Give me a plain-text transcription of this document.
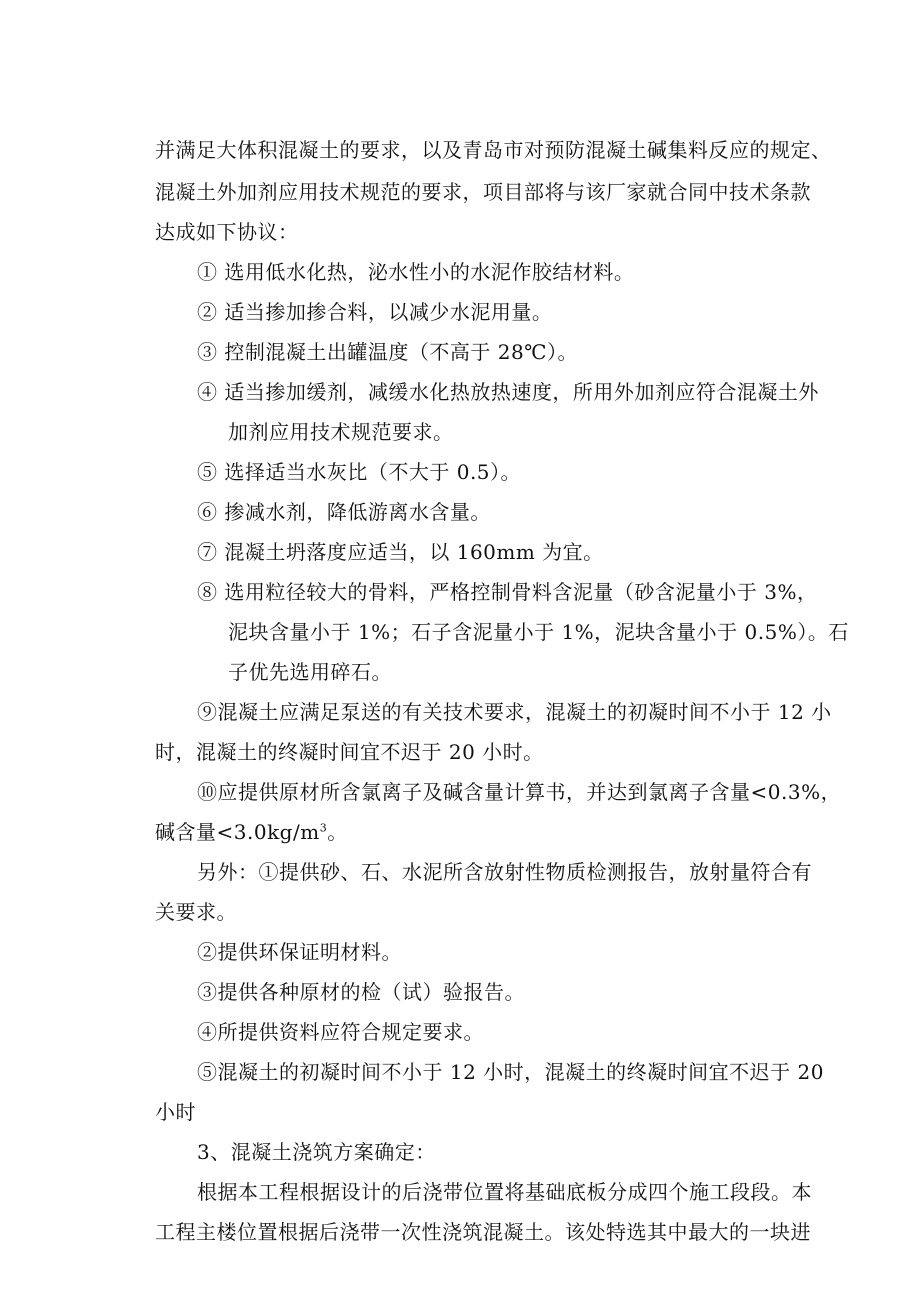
并满足大体积混凝土的要求，以及青岛市对预防混凝土碱集料反应的规定、
混凝土外加剂应用技术规范的要求，项目部将与该厂家就合同中技术条款
达成如下协议：
① 选用低水化热，泌水性小的水泥作胶结材料。
② 适当掺加掺合料，以减少水泥用量。
③ 控制混凝土出罐温度（不高于 28℃）。
④ 适当掺加缓剂，减缓水化热放热速度，所用外加剂应符合混凝土外
加剂应用技术规范要求。
⑤ 选择适当水灰比（不大于 0.5）。
⑥ 掺减水剂，降低游离水含量。
⑦ 混凝土坍落度应适当，以 160mm 为宜。
⑧ 选用粒径较大的骨料，严格控制骨料含泥量（砂含泥量小于 3%，
泥块含量小于 1%；石子含泥量小于 1%，泥块含量小于 0.5%）。石
子优先选用碎石。
⑨混凝土应满足泵送的有关技术要求，混凝土的初凝时间不小于 12 小
时，混凝土的终凝时间宜不迟于 20 小时。
⑩应提供原材所含氯离子及碱含量计算书，并达到氯离子含量<0.3%，
碱含量$<3.0kg/m^3$。
另外：①提供砂、石、水泥所含放射性物质检测报告，放射量符合有
关要求。
②提供环保证明材料。
③提供各种原材的检（试）验报告。
④所提供资料应符合规定要求。
⑤混凝土的初凝时间不小于 12 小时，混凝土的终凝时间宜不迟于 20
小时
3、混凝土浇筑方案确定：
根据本工程根据设计的后浇带位置将基础底板分成四个施工段段。本
工程主楼位置根据后浇带一次性浇筑混凝土。该处特选其中最大的一块进
